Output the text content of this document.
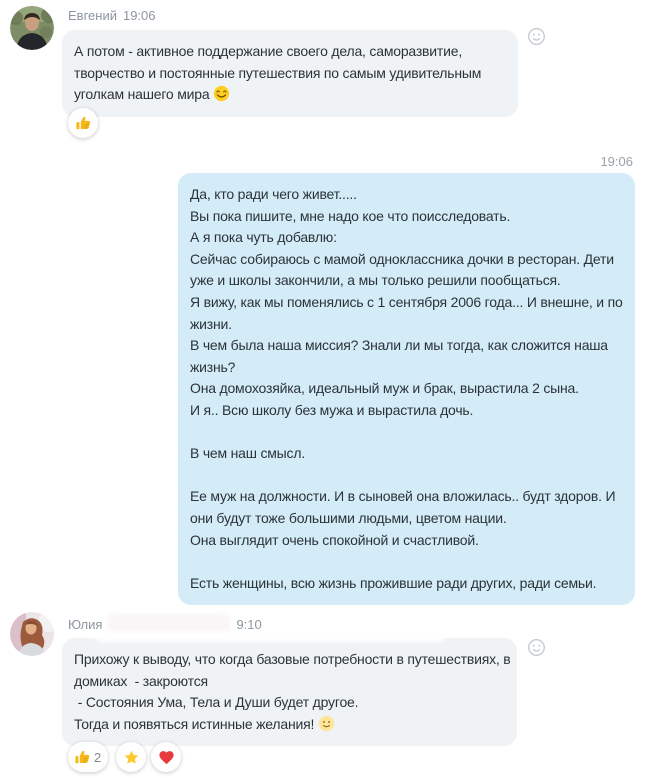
Евгений 19:06
А потом - активное поддержание своего дела, саморазвитие,
творчество и постоянные путешествия по самым удивительным
уголкам нашего мира
19:06
Да, кто ради чего живет.....
Вы пока пишите, мне надо кое что поисследовать.
А я пока чуть добавлю:
Сейчас собираюсь с мамой одноклассника дочки в ресторан. Дети
уже и школы закончили, а мы только решили пообщаться.
Я вижу, как мы поменялись с 1 сентября 2006 года... И внешне, и по
жизни.
В чем была наша миссия? Знали ли мы тогда, как сложится наша
жизнь?
Она домохозяйка, идеальный муж и брак, вырастила 2 сына.
И я.. Всю школу без мужа и вырастила дочь.
В чем наш смысл.
Ее муж на должности. И в сыновей она вложилась.. будт здоров. И
они будут тоже большими людьми, цветом нации.
Она выглядит очень спокойной и счастливой.
Есть женщины, всю жизнь прожившие ради других, ради семьи.
Юлия	9:10
Прихожу к выводу, что когда базовые потребности в путешествиях, в
домиках  - закроются
- Состояния Ума, Тела и Души будет другое.
Тогда и появяться истинные желания!
2
